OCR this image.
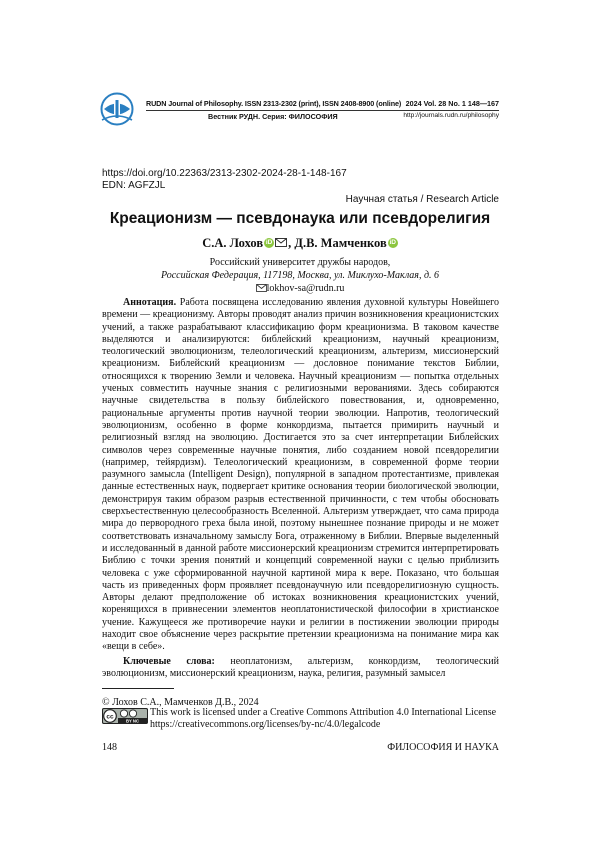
RUDN Journal of Philosophy. ISSN 2313-2302 (print), ISSN 2408-8900 (online) 2024 Vol. 28 No. 1 148—167
Вестник РУДН. Серия: ФИЛОСОФИЯ	http://journals.rudn.ru/philosophy
https://doi.org/10.22363/2313-2302-2024-28-1-148-167
EDN: AGFZJL
Научная статья / Research Article
Креационизм — псевдонаука или псевдорелигия
С.А. Лохов iD , Д.В. Мамченков iD
Российский университет дружбы народов,
Российская Федерация, 117198, Москва, ул. Миклухо-Маклая, д. 6
lokhov-sa@rudn.ru

Аннотация. Работа посвящена исследованию явления духовной культуры Новейшего времени — креационизму. Авторы проводят анализ причин возникновения креационистских учений, а также разрабатывают классификацию форм креационизма. В таковом качестве выделяются и анализируются: библейский креационизм, научный креационизм, теологический эволюционизм, телеологический креационизм, альтеризм, миссионерский креационизм. Библейский креационизм — дословное понимание текстов Библии, относящихся к творению Земли и человека. Научный креационизм — попытка отдельных ученых совместить научные знания с религиозными верованиями. Здесь собираются научные свидетельства в пользу библейского повествования, и, одновременно, рациональные аргументы против научной теории эволюции. Напротив, теологический эволюционизм, особенно в форме конкордизма, пытается примирить научный и религиозный взгляд на эволюцию. Достигается это за счет интерпретации Библейских символов через современные научные понятия, либо созданием новой псевдорелигии (например, тейярдизм). Телеологический креационизм, в современной форме теории разумного замысла (Intelligent Design), популярной в западном протестантизме, привлекая данные естественных наук, подвергает критике основания теории биологической эволюции, демонстрируя таким образом разрыв естественной причинности, с тем чтобы обосновать сверхъестественную целесообразность Вселенной. Альтеризм утверждает, что сама природа мира до первородного греха была иной, поэтому нынешнее познание природы и не может соответствовать изначальному замыслу Бога, отраженному в Библии. Впервые выделенный и исследованный в данной работе миссионерский креационизм стремится интерпретировать Библию с точки зрения понятий и концепций современной науки с целью приблизить человека с уже сформированной научной картиной мира к вере. Показано, что большая часть из приведенных форм проявляет псевдонаучную или псевдорелигиозную сущность. Авторы делают предположение об истоках возникновения креационистских учений, коренящихся в привнесении элементов неоплатонистической философии в христианское учение. Кажущееся же противоречие науки и религии в постижении эволюции природы находит свое объяснение через раскрытие претензии креационизма на понимание мира как «вещи в себе».

Ключевые слова: неоплатонизм, альтеризм, конкордизм, теологический эволюционизм, миссионерский креационизм, наука, религия, разумный замысел

© Лохов С.А., Мамченков Д.В., 2024
cc
BY NC
This work is licensed under a Creative Commons Attribution 4.0 International License
https://creativecommons.org/licenses/by-nc/4.0/legalcode
148	ФИЛОСОФИЯ И НАУКА
